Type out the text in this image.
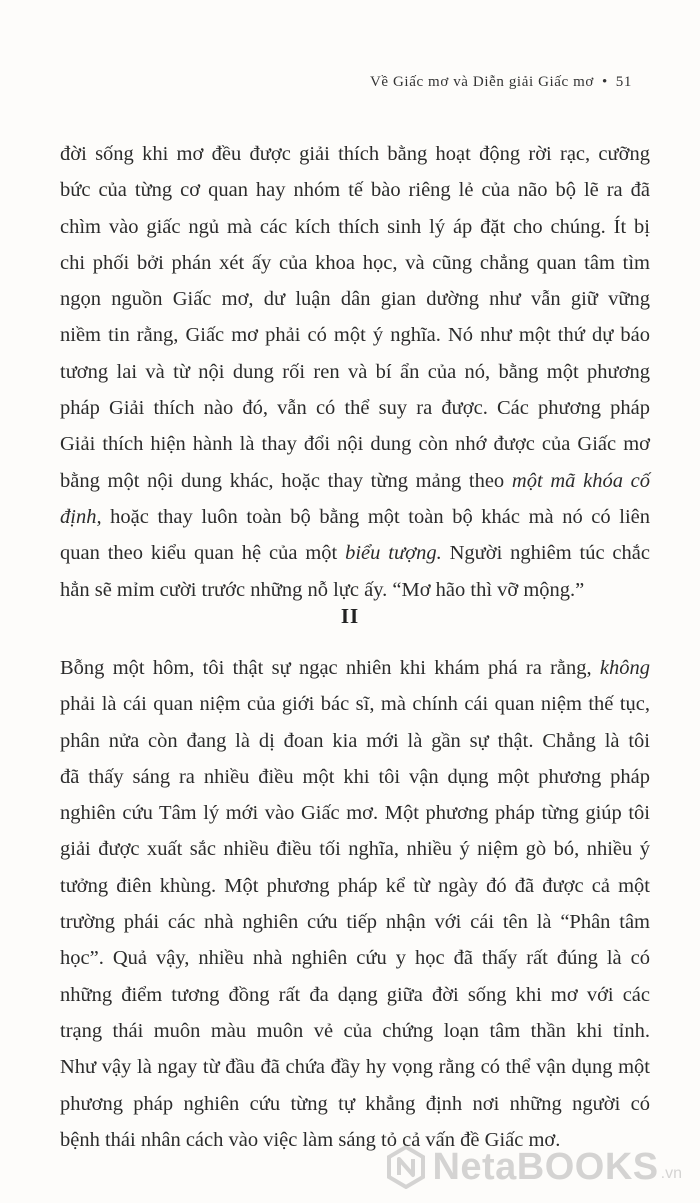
Về Giấc mơ và Diễn giải Giấc mơ • 51
đời sống khi mơ đều được giải thích bằng hoạt động rời rạc, cưỡng
bức của từng cơ quan hay nhóm tế bào riêng lẻ của não bộ lẽ ra đã
chìm vào giấc ngủ mà các kích thích sinh lý áp đặt cho chúng. Ít bị
chi phối bởi phán xét ấy của khoa học, và cũng chẳng quan tâm tìm
ngọn nguồn Giấc mơ, dư luận dân gian dường như vẫn giữ vững
niềm tin rằng, Giấc mơ phải có một ý nghĩa. Nó như một thứ dự báo
tương lai và từ nội dung rối ren và bí ẩn của nó, bằng một phương
pháp Giải thích nào đó, vẫn có thể suy ra được. Các phương pháp
Giải thích hiện hành là thay đổi nội dung còn nhớ được của Giấc mơ
bằng một nội dung khác, hoặc thay từng mảng theo một mã khóa cố
định, hoặc thay luôn toàn bộ bằng một toàn bộ khác mà nó có liên
quan theo kiểu quan hệ của một biểu tượng. Người nghiêm túc chắc
hẳn sẽ mỉm cười trước những nỗ lực ấy. “Mơ hão thì vỡ mộng.”
II
Bỗng một hôm, tôi thật sự ngạc nhiên khi khám phá ra rằng, không
phải là cái quan niệm của giới bác sĩ, mà chính cái quan niệm thế tục,
phân nửa còn đang là dị đoan kia mới là gần sự thật. Chẳng là tôi
đã thấy sáng ra nhiều điều một khi tôi vận dụng một phương pháp
nghiên cứu Tâm lý mới vào Giấc mơ. Một phương pháp từng giúp tôi
giải được xuất sắc nhiều điều tối nghĩa, nhiều ý niệm gò bó, nhiều ý
tưởng điên khùng. Một phương pháp kể từ ngày đó đã được cả một
trường phái các nhà nghiên cứu tiếp nhận với cái tên là “Phân tâm
học”. Quả vậy, nhiều nhà nghiên cứu y học đã thấy rất đúng là có
những điểm tương đồng rất đa dạng giữa đời sống khi mơ với các
trạng thái muôn màu muôn vẻ của chứng loạn tâm thần khi tỉnh.
Như vậy là ngay từ đầu đã chứa đầy hy vọng rằng có thể vận dụng một
phương pháp nghiên cứu từng tự khẳng định nơi những người có
bệnh thái nhân cách vào việc làm sáng tỏ cả vấn đề Giấc mơ.
NetaBOOKS .vn
